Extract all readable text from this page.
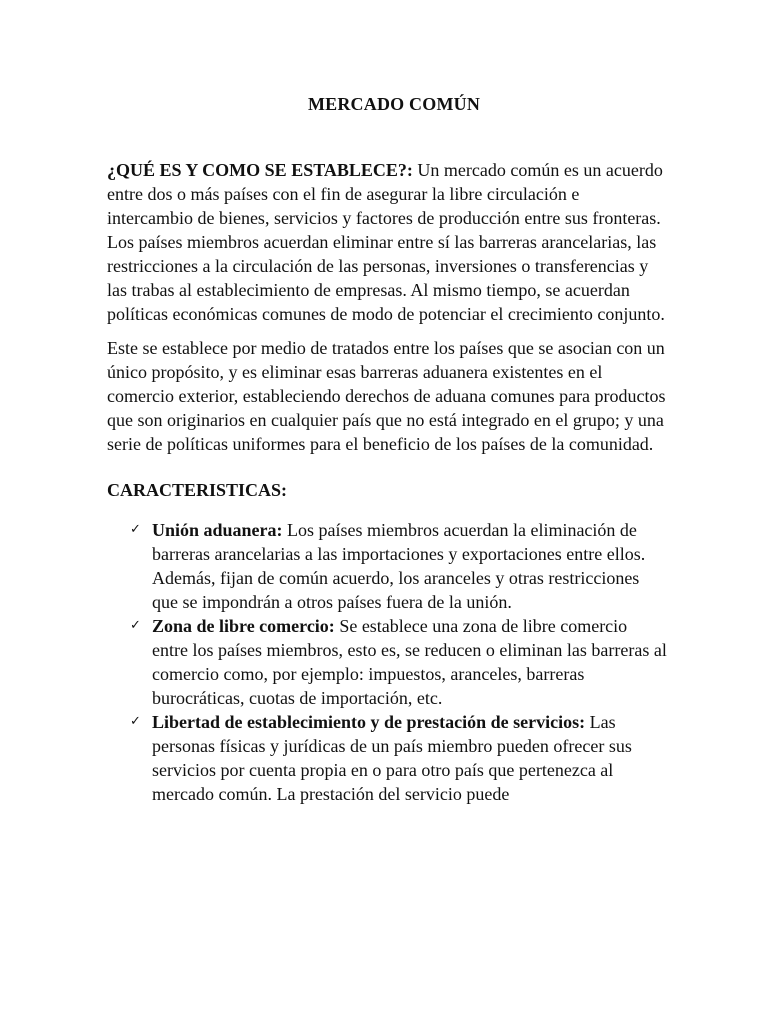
MERCADO COMÚN

¿QUÉ ES Y COMO SE ESTABLECE?: Un mercado común es un acuerdo entre dos o más países con el fin de asegurar la libre circulación e intercambio de bienes, servicios y factores de producción entre sus fronteras. Los países miembros acuerdan eliminar entre sí las barreras arancelarias, las restricciones a la circulación de las personas, inversiones o transferencias y las trabas al establecimiento de empresas. Al mismo tiempo, se acuerdan políticas económicas comunes de modo de potenciar el crecimiento conjunto.

Este se establece por medio de tratados entre los países que se asocian con un único propósito, y es eliminar esas barreras aduanera existentes en el comercio exterior, estableciendo derechos de aduana comunes para productos que son originarios en cualquier país que no está integrado en el grupo; y una serie de políticas uniformes para el beneficio de los países de la comunidad.

CARACTERISTICAS:
✓ Unión aduanera: Los países miembros acuerdan la eliminación de barreras arancelarias a las importaciones y exportaciones entre ellos. Además, fijan de común acuerdo, los aranceles y otras restricciones que se impondrán a otros países fuera de la unión.
✓ Zona de libre comercio: Se establece una zona de libre comercio entre los países miembros, esto es, se reducen o eliminan las barreras al comercio como, por ejemplo: impuestos, aranceles, barreras burocráticas, cuotas de importación, etc.
✓ Libertad de establecimiento y de prestación de servicios: Las personas físicas y jurídicas de un país miembro pueden ofrecer sus servicios por cuenta propia en o para otro país que pertenezca al mercado común. La prestación del servicio puede
